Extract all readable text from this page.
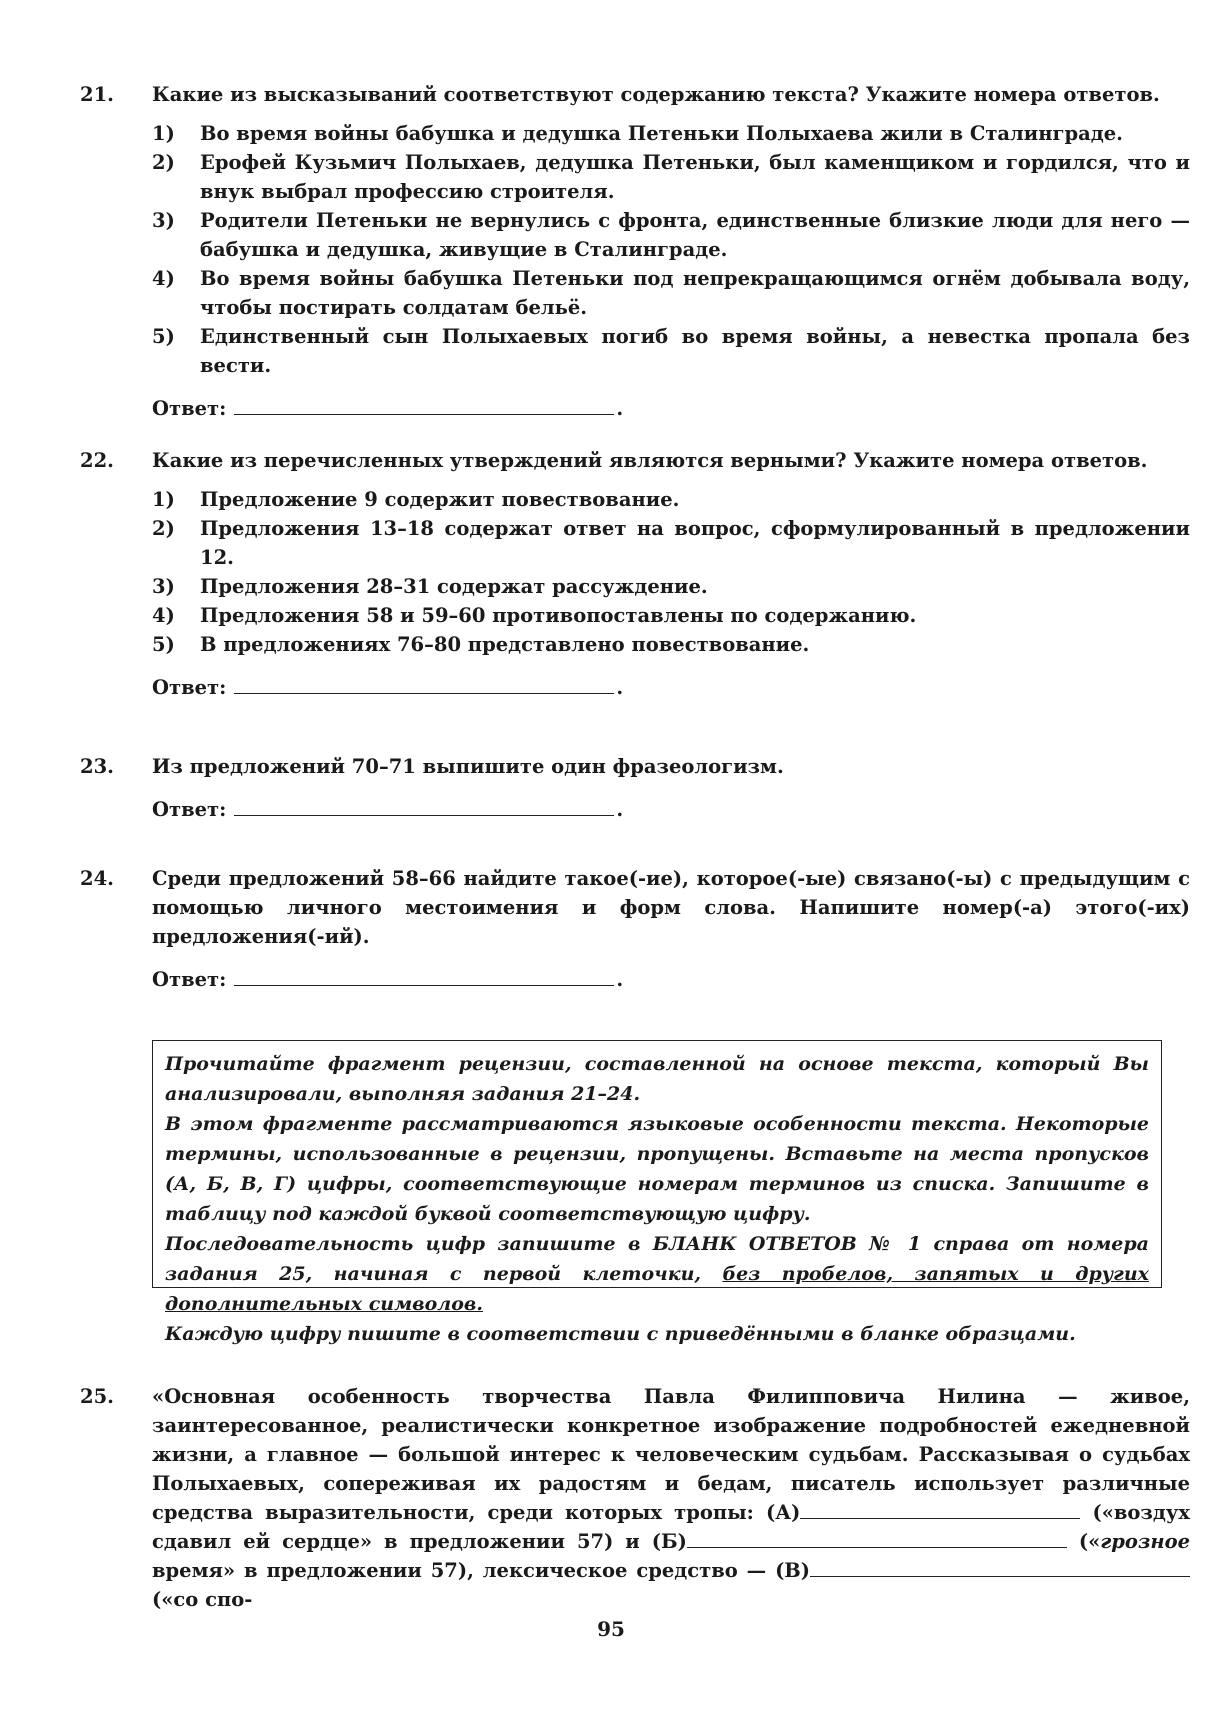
21.	Какие из высказываний соответствуют содержанию текста? Укажите номера ответов.
1) Во время войны бабушка и дедушка Петеньки Полыхаева жили в Сталинграде.
2) Ерофей Кузьмич Полыхаев, дедушка Петеньки, был каменщиком и гордился, что и внук выбрал профессию строителя.
3) Родители Петеньки не вернулись с фронта, единственные близкие люди для него — бабушка и дедушка, живущие в Сталинграде.
4) Во время войны бабушка Петеньки под непрекращающимся огнём добывала воду, чтобы постирать солдатам бельё.
5) Единственный сын Полыхаевых погиб во время войны, а невестка пропала без вести.
Ответ:	.
22.	Какие из перечисленных утверждений являются верными? Укажите номера ответов.
1) Предложение 9 содержит повествование.
2) Предложения 13–18 содержат ответ на вопрос, сформулированный в предложении 12.
3) Предложения 28–31 содержат рассуждение.
4) Предложения 58 и 59–60 противопоставлены по содержанию.
5) В предложениях 76–80 представлено повествование.
Ответ:	.
23.	Из предложений 70–71 выпишите один фразеологизм.
Ответ:	.
24.	Среди предложений 58–66 найдите такое(-ие), которое(-ые) связано(-ы) с предыдущим с помощью личного местоимения и форм слова. Напишите номер(-а) этого(-их) предложения(-ий).
Ответ:	.

Прочитайте фрагмент рецензии, составленной на основе текста, который Вы анализировали, выполняя задания 21–24.

В этом фрагменте рассматриваются языковые особенности текста. Некоторые термины, использованные в рецензии, пропущены. Вставьте на места пропусков (А, Б, В, Г) цифры, соответствующие номерам терминов из списка. Запишите в таблицу под каждой буквой соответствующую цифру.

Последовательность цифр запишите в БЛАНК ОТВЕТОВ № 1 справа от номера задания 25, начиная с первой клеточки, без пробелов, запятых и других дополнительных символов.

Каждую цифру пишите в соответствии с приведёнными в бланке образцами.

25.	«Основная особенность творчества Павла Филипповича Нилина — живое, заинтересованное, реалистически конкретное изображение подробностей ежедневной жизни, а главное — большой интерес к человеческим судьбам. Рассказывая о судьбах Полыхаевых, сопереживая их радостям и бедам, писатель использует различные средства выразительности, среди которых тропы: (А)	(«воздух сдавил ей сердце» в предложении 57) и (Б)	(«грозное время» в предложении 57), лексическое средство — (В) («со спо-
95
